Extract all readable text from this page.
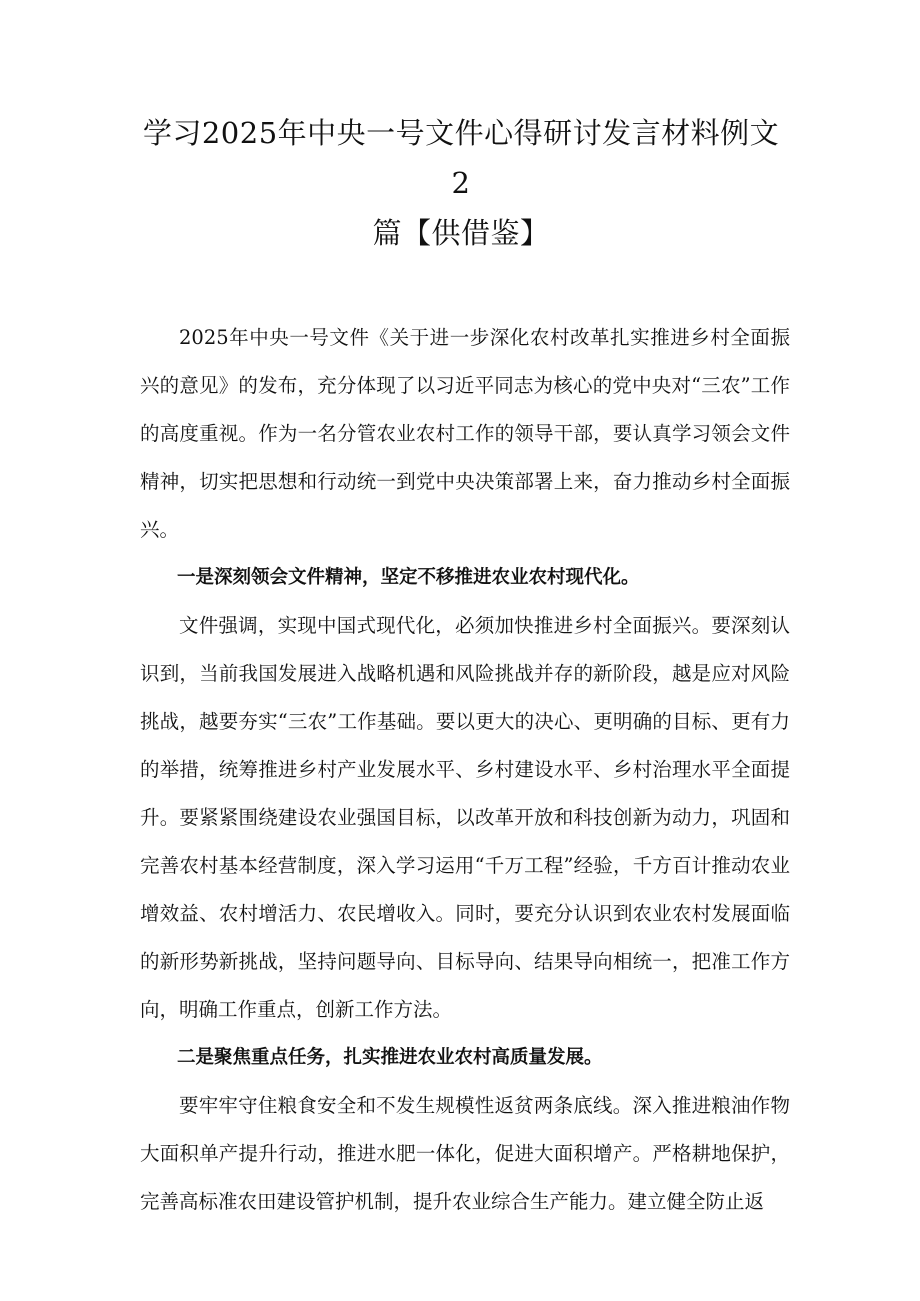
学习2025年中央一号文件心得研讨发言材料例文2
篇【供借鉴】

2025年中央一号文件《关于进一步深化农村改革扎实推进乡村全面振兴的意见》的发布，充分体现了以习近平同志为核心的党中央对“三农”工作的高度重视。作为一名分管农业农村工作的领导干部，要认真学习领会文件精神，切实把思想和行动统一到党中央决策部署上来，奋力推动乡村全面振兴。

一是深刻领会文件精神，坚定不移推进农业农村现代化。

文件强调，实现中国式现代化，必须加快推进乡村全面振兴。要深刻认识到，当前我国发展进入战略机遇和风险挑战并存的新阶段，越是应对风险挑战，越要夯实“三农”工作基础。要以更大的决心、更明确的目标、更有力的举措，统筹推进乡村产业发展水平、乡村建设水平、乡村治理水平全面提升。要紧紧围绕建设农业强国目标，以改革开放和科技创新为动力，巩固和完善农村基本经营制度，深入学习运用“千万工程”经验，千方百计推动农业增效益、农村增活力、农民增收入。同时，要充分认识到农业农村发展面临的新形势新挑战，坚持问题导向、目标导向、结果导向相统一，把准工作方向，明确工作重点，创新工作方法。

二是聚焦重点任务，扎实推进农业农村高质量发展。

要牢牢守住粮食安全和不发生规模性返贫两条底线。深入推进粮油作物大面积单产提升行动，推进水肥一体化，促进大面积增产。严格耕地保护，完善高标准农田建设管护机制，提升农业综合生产能力。建立健全防止返
